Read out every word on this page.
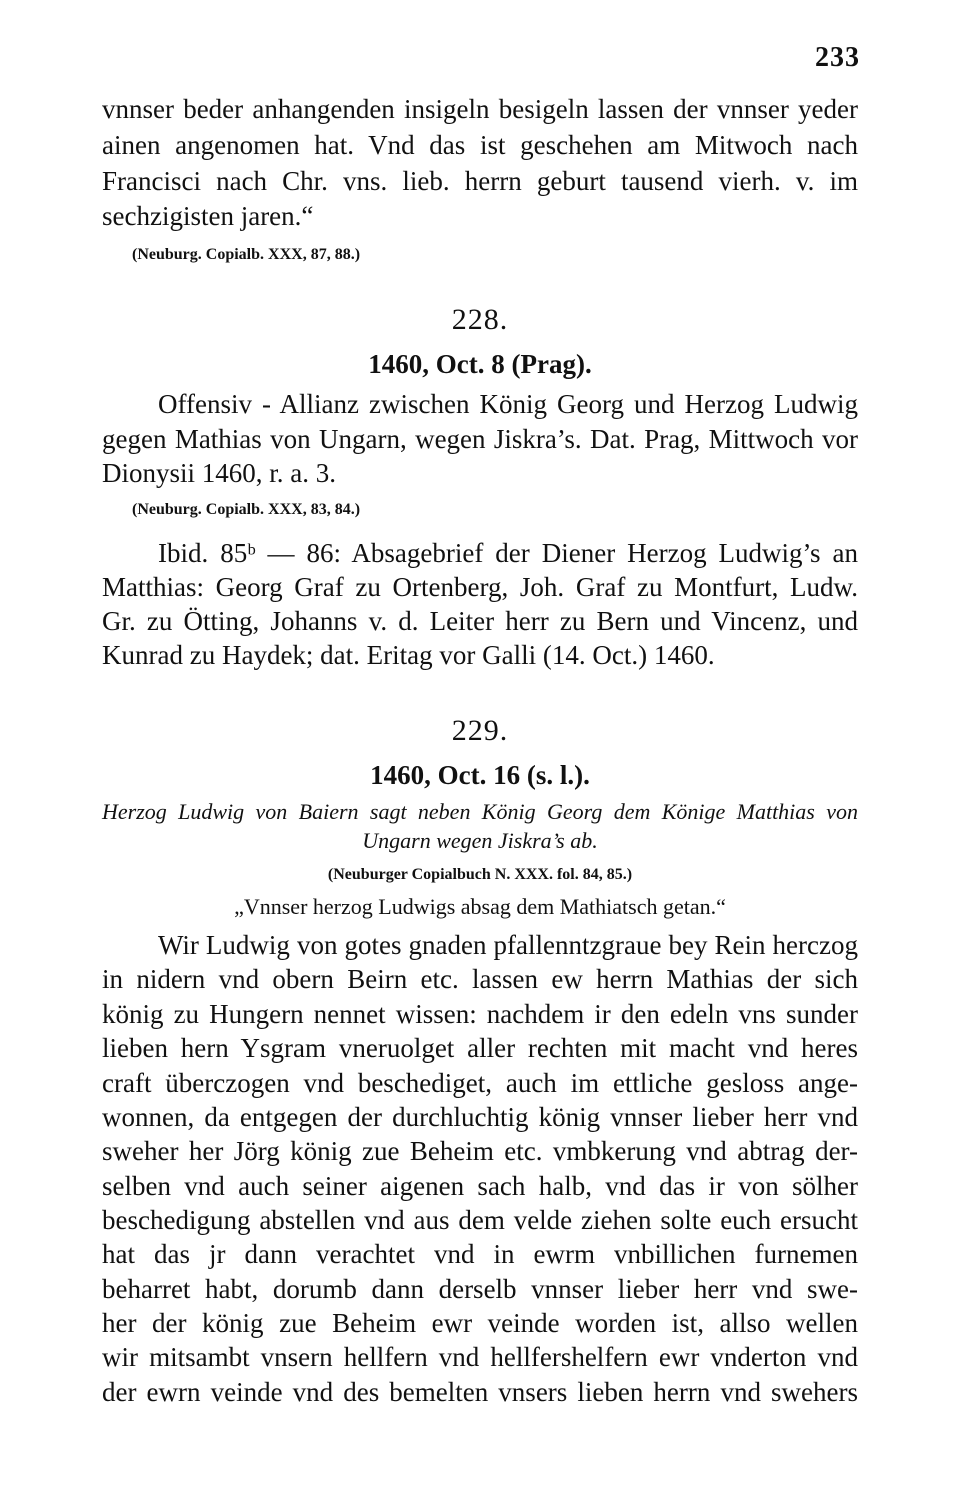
233
vnnser beder anhangenden insigeln besigeln lassen der vnnser yeder
ainen angenomen hat. Vnd das ist geschehen am Mitwoch nach
Francisci nach Chr. vns. lieb. herrn geburt tausend vierh. v. im
sechzigisten jaren.“
(Neuburg. Copialb. XXX, 87, 88.)
228.
1460, Oct. 8 (Prag).
Offensiv - Allianz zwischen König Georg und Herzog Ludwig
gegen Mathias von Ungarn, wegen Jiskra’s. Dat. Prag, Mittwoch vor
Dionysii 1460, r. a. 3.
(Neuburg. Copialb. XXX, 83, 84.)
Ibid. 85ᵇ — 86: Absagebrief der Diener Herzog Ludwig’s an
Matthias: Georg Graf zu Ortenberg, Joh. Graf zu Montfurt, Ludw.
Gr. zu Ötting, Johanns v. d. Leiter herr zu Bern und Vincenz, und
Kunrad zu Haydek; dat. Eritag vor Galli (14. Oct.) 1460.
229.
1460, Oct. 16 (s. l.).
Herzog Ludwig von Baiern sagt neben König Georg dem Könige Matthias von
Ungarn wegen Jiskra’s ab.
(Neuburger Copialbuch N. XXX. fol. 84, 85.)
„Vnnser herzog Ludwigs absag dem Mathiatsch getan.“
Wir Ludwig von gotes gnaden pfallenntzgraue bey Rein herczog
in nidern vnd obern Beirn etc. lassen ew herrn Mathias der sich
könig zu Hungern nennet wissen: nachdem ir den edeln vns sunder
lieben hern Ysgram vneruolget aller rechten mit macht vnd heres
craft überczogen vnd beschediget, auch im ettliche gesloss ange-
wonnen, da entgegen der durchluchtig könig vnnser lieber herr vnd
sweher her Jörg könig zue Beheim etc. vmbkerung vnd abtrag der-
selben vnd auch seiner aigenen sach halb, vnd das ir von sölher
beschedigung abstellen vnd aus dem velde ziehen solte euch ersucht
hat das jr dann verachtet vnd in ewrm vnbillichen furnemen
beharret habt, dorumb dann derselb vnnser lieber herr vnd swe-
her der könig zue Beheim ewr veinde worden ist, allso wellen
wir mitsambt vnsern hellfern vnd hellfershelfern ewr vnderton vnd
der ewrn veinde vnd des bemelten vnsers lieben herrn vnd swehers
